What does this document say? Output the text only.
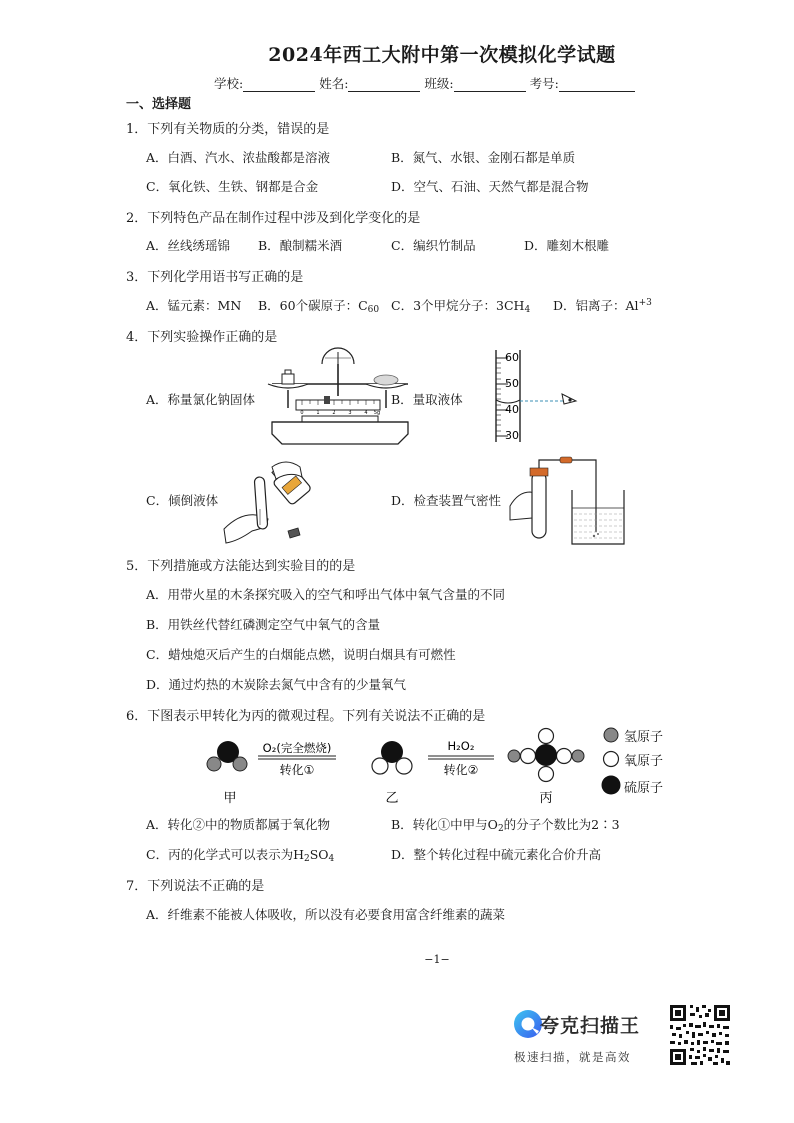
2024年西工大附中第一次模拟化学试题
学校:	姓名:	班级:	考号:
一、选择题
1．下列有关物质的分类，错误的是
A．白酒、汽水、浓盐酸都是溶液	B．氮气、水银、金刚石都是单质
C．氧化铁、生铁、钢都是合金	D．空气、石油、天然气都是混合物
2．下列特色产品在制作过程中涉及到化学变化的是
A．丝线绣瑶锦 B．酿制糯米酒	C．编织竹制品	D．雕刻木根雕
3．下列化学用语书写正确的是
A．锰元素：MN B．60个碳原子：$C_{60}$ C．3个甲烷分子：$3CH_4$ D．铝离子：$Al^{+3}$
4．下列实验操作正确的是
A．称量氯化钠固体	B．量取液体
C．倾倒液体	D．检查装置气密性
0	1	2	3	4 5g
60
50
40
30
5．下列措施或方法能达到实验目的的是
A．用带火星的木条探究吸入的空气和呼出气体中氧气含量的不同
B．用铁丝代替红磷测定空气中氧气的含量
C．蜡烛熄灭后产生的白烟能点燃，说明白烟具有可燃性
D．通过灼热的木炭除去氮气中含有的少量氧气
6．下图表示甲转化为丙的微观过程。下列有关说法不正确的是
O₂(完全燃烧)
转化①
H₂O₂
转化②
甲	乙	丙
氢原子
氧原子
硫原子
A．转化②中的物质都属于氧化物	B．转化①中甲与$O_2$的分子个数比为2∶3
C．丙的化学式可以表示为$H_2SO_4$	D．整个转化过程中硫元素化合价升高
7．下列说法不正确的是
A．纤维素不能被人体吸收，所以没有必要食用富含纤维素的蔬菜
−1−
夸克扫描王
极速扫描，就是高效
